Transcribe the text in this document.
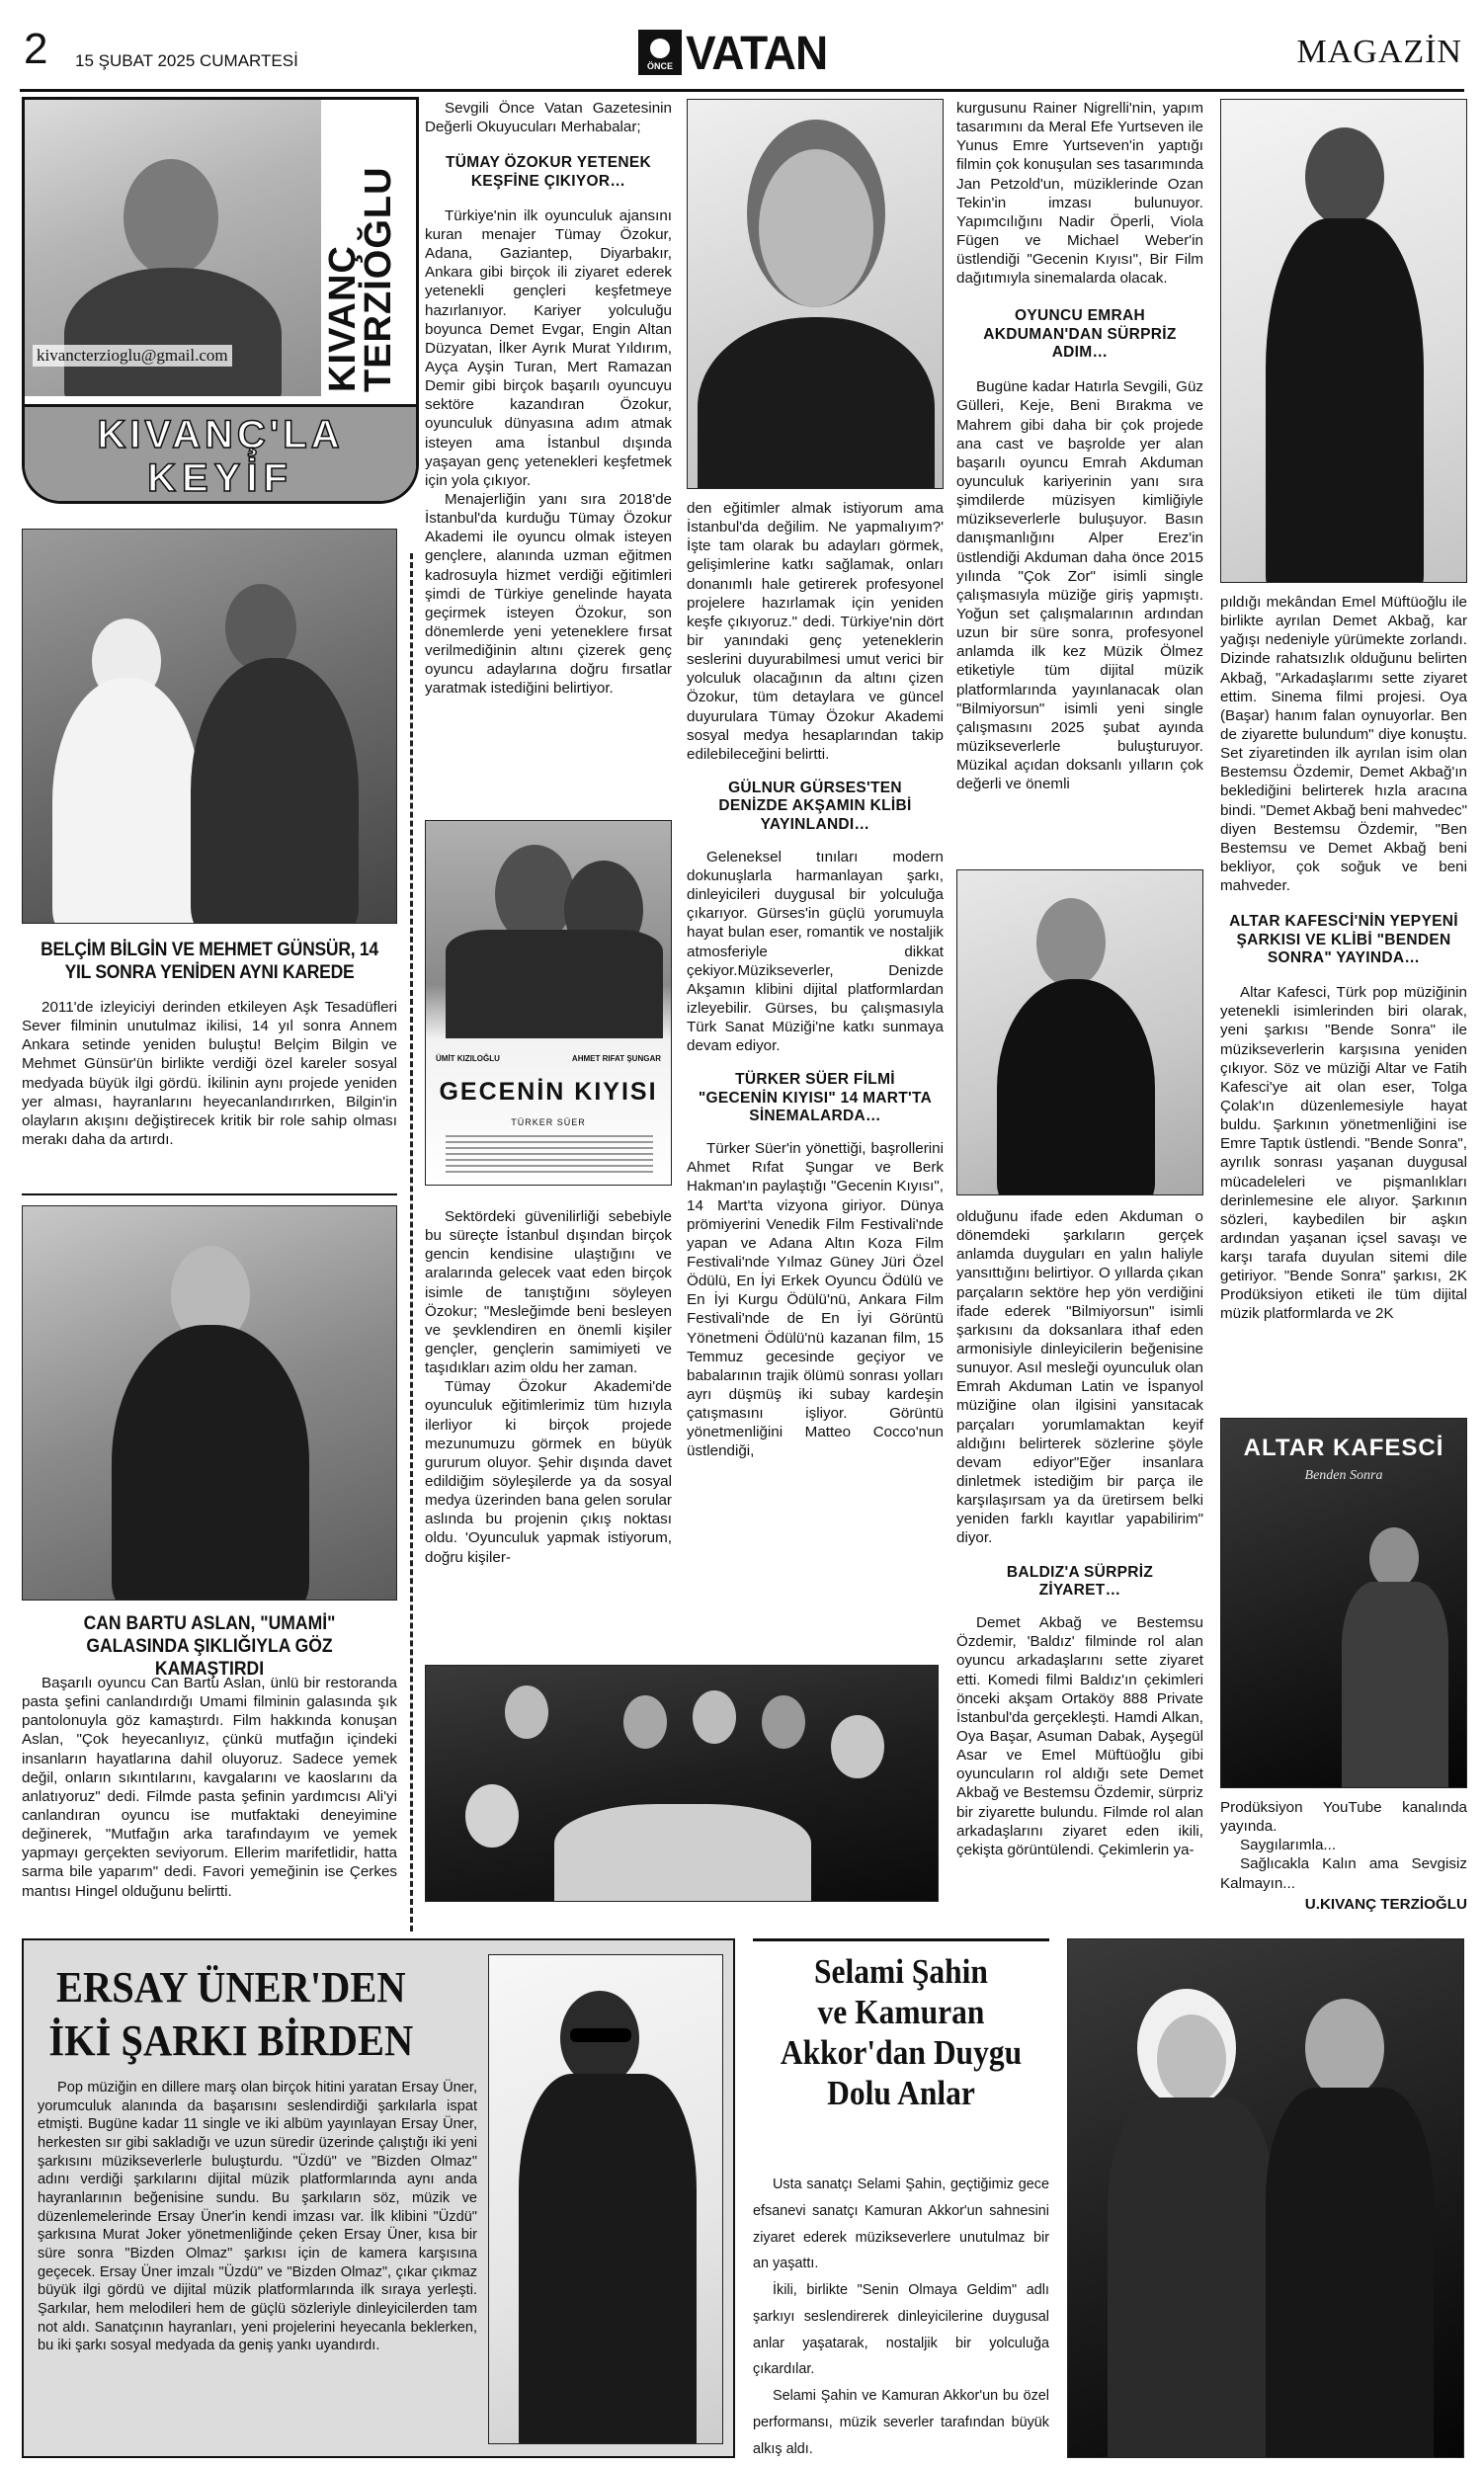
2 15 ŞUBAT 2025 CUMARTESİ	ÖNCE VATAN	MAGAZİN
kivancterzioglu@gmail.com	KIVANÇ TERZİOĞLU
KIVANÇ'LA
KEYİF
BELÇİM BİLGİN VE MEHMET GÜNSÜR, 14 YIL SONRA YENİDEN AYNI KAREDE

2011'de izleyiciyi derinden etkileyen Aşk Tesadüfleri Sever filminin unutulmaz ikilisi, 14 yıl sonra Annem Ankara setinde yeniden buluştu! Belçim Bilgin ve Mehmet Günsür'ün birlikte verdiği özel kareler sosyal medyada büyük ilgi gördü. İkilinin aynı projede yeniden yer alması, hayranlarını heyecanlandırırken, Bilgin'in olayların akışını değiştirecek kritik bir role sahip olması merakı daha da artırdı.

CAN BARTU ASLAN, "UMAMİ" GALASINDA ŞIKLIĞIYLA GÖZ KAMAŞTIRDI

Başarılı oyuncu Can Bartu Aslan, ünlü bir restoranda pasta şefini canlandırdığı Umami filminin galasında şık pantolonuyla göz kamaştırdı. Film hakkında konuşan Aslan, "Çok heyecanlıyız, çünkü mutfağın içindeki insanların hayatlarına dahil oluyoruz. Sadece yemek değil, onların sıkıntılarını, kavgalarını ve kaoslarını da anlatıyoruz" dedi. Filmde pasta şefinin yardımcısı Ali'yi canlandıran oyuncu ise mutfaktaki deneyimine değinerek, "Mutfağın arka tarafındayım ve yemek yapmayı gerçekten seviyorum. Ellerim marifetlidir, hatta sarma bile yaparım" dedi. Favori yemeğinin ise Çerkes mantısı Hingel olduğunu belirtti.

Sevgili Önce Vatan Gazetesinin Değerli Okuyucuları Merhabalar;

TÜMAY ÖZOKUR YETENEK KEŞFİNE ÇIKIYOR…

Türkiye'nin ilk oyunculuk ajansını kuran menajer Tümay Özokur, Adana, Gaziantep, Diyarbakır, Ankara gibi birçok ili ziyaret ederek yetenekli gençleri keşfetmeye hazırlanıyor. Kariyer yolculuğu boyunca Demet Evgar, Engin Altan Düzyatan, İlker Ayrık Murat Yıldırım, Ayça Ayşin Turan, Mert Ramazan Demir gibi birçok başarılı oyuncuyu sektöre kazandıran Özokur, oyunculuk dünyasına adım atmak isteyen ama İstanbul dışında yaşayan genç yetenekleri keşfetmek için yola çıkıyor.

Menajerliğin yanı sıra 2018'de İstanbul'da kurduğu Tümay Özokur Akademi ile oyuncu olmak isteyen gençlere, alanında uzman eğitmen kadrosuyla hizmet verdiği eğitimleri şimdi de Türkiye genelinde hayata geçirmek isteyen Özokur, son dönemlerde yeni yeteneklere fırsat verilmediğinin altını çizerek genç oyuncu adaylarına doğru fırsatlar yaratmak istediğini belirtiyor.

ÜMİT KIZILOĞLU	AHMET RIFAT ŞUNGAR
GECENİN KIYISI
TÜRKER SÜER

Sektördeki güvenilirliği sebebiyle bu süreçte İstanbul dışından birçok gencin kendisine ulaştığını ve aralarında gelecek vaat eden birçok isimle de tanıştığını söyleyen Özokur; "Mesleğimde beni besleyen ve şevklendiren en önemli kişiler gençler, gençlerin samimiyeti ve taşıdıkları azim oldu her zaman.

Tümay Özokur Akademi'de oyunculuk eğitimlerimiz tüm hızıyla ilerliyor ki birçok projede mezunumuzu görmek en büyük gururum oluyor. Şehir dışında davet edildiğim söyleşilerde ya da sosyal medya üzerinden bana gelen sorular aslında bu projenin çıkış noktası oldu. 'Oyunculuk yapmak istiyorum, doğru kişiler-

den eğitimler almak istiyorum ama İstanbul'da değilim. Ne yapmalıyım?' İşte tam olarak bu adayları görmek, gelişimlerine katkı sağlamak, onları donanımlı hale getirerek profesyonel projelere hazırlamak için yeniden keşfe çıkıyoruz." dedi. Türkiye'nin dört bir yanındaki genç yeteneklerin seslerini duyurabilmesi umut verici bir yolculuk olacağının da altını çizen Özokur, tüm detaylara ve güncel duyurulara Tümay Özokur Akademi sosyal medya hesaplarından takip edilebileceğini belirtti.

GÜLNUR GÜRSES'TEN DENİZDE AKŞAMIN KLİBİ YAYINLANDI…

Geleneksel tınıları modern dokunuşlarla harmanlayan şarkı, dinleyicileri duygusal bir yolculuğa çıkarıyor. Gürses'in güçlü yorumuyla hayat bulan eser, romantik ve nostaljik atmosferiyle dikkat çekiyor.Müzikseverler, Denizde Akşamın klibini dijital platformlardan izleyebilir. Gürses, bu çalışmasıyla Türk Sanat Müziği'ne katkı sunmaya devam ediyor.

TÜRKER SÜER FİLMİ "GECENİN KIYISI" 14 MART'TA SİNEMALARDA…

Türker Süer'in yönettiği, başrollerini Ahmet Rıfat Şungar ve Berk Hakman'ın paylaştığı "Gecenin Kıyısı", 14 Mart'ta vizyona giriyor. Dünya prömiyerini Venedik Film Festivali'nde yapan ve Adana Altın Koza Film Festivali'nde Yılmaz Güney Jüri Özel Ödülü, En İyi Erkek Oyuncu Ödülü ve En İyi Kurgu Ödülü'nü, Ankara Film Festivali'nde de En İyi Görüntü Yönetmeni Ödülü'nü kazanan film, 15 Temmuz gecesinde geçiyor ve babalarının trajik ölümü sonrası yolları ayrı düşmüş iki subay kardeşin çatışmasını işliyor. Görüntü yönetmenliğini Matteo Cocco'nun üstlendiği,

kurgusunu Rainer Nigrelli'nin, yapım tasarımını da Meral Efe Yurtseven ile Yunus Emre Yurtseven'in yaptığı filmin çok konuşulan ses tasarımında Jan Petzold'un, müziklerinde Ozan Tekin'in imzası bulunuyor. Yapımcılığını Nadir Öperli, Viola Fügen ve Michael Weber'in üstlendiği "Gecenin Kıyısı", Bir Film dağıtımıyla sinemalarda olacak.

OYUNCU EMRAH AKDUMAN'DAN SÜRPRİZ ADIM…

Bugüne kadar Hatırla Sevgili, Güz Gülleri, Keje, Beni Bırakma ve Mahrem gibi daha bir çok projede ana cast ve başrolde yer alan başarılı oyuncu Emrah Akduman oyunculuk kariyerinin yanı sıra şimdilerde müzisyen kimliğiyle müzikseverlerle buluşuyor. Basın danışmanlığını Alper Erez'in üstlendiği Akduman daha önce 2015 yılında "Çok Zor" isimli single çalışmasıyla müziğe giriş yapmıştı. Yoğun set çalışmalarının ardından uzun bir süre sonra, profesyonel anlamda ilk kez Müzik Ölmez etiketiyle tüm dijital müzik platformlarında yayınlanacak olan "Bilmiyorsun" isimli yeni single çalışmasını 2025 şubat ayında müzikseverlerle buluşturuyor. Müzikal açıdan doksanlı yılların çok değerli ve önemli

olduğunu ifade eden Akduman o dönemdeki şarkıların gerçek anlamda duyguları en yalın haliyle yansıttığını belirtiyor. O yıllarda çıkan parçaların sektöre hep yön verdiğini ifade ederek "Bilmiyorsun" isimli şarkısını da doksanlara ithaf eden armonisiyle dinleyicilerin beğenisine sunuyor. Asıl mesleği oyunculuk olan Emrah Akduman Latin ve İspanyol müziğine olan ilgisini yansıtacak parçaları yorumlamaktan keyif aldığını belirterek sözlerine şöyle devam ediyor"Eğer insanlara dinletmek istediğim bir parça ile karşılaşırsam ya da üretirsem belki yeniden farklı kayıtlar yapabilirim" diyor.

BALDIZ'A SÜRPRİZ ZİYARET…

Demet Akbağ ve Bestemsu Özdemir, 'Baldız' filminde rol alan oyuncu arkadaşlarını sette ziyaret etti. Komedi filmi Baldız'ın çekimleri önceki akşam Ortaköy 888 Private İstanbul'da gerçekleşti. Hamdi Alkan, Oya Başar, Asuman Dabak, Ayşegül Asar ve Emel Müftüoğlu gibi oyuncuların rol aldığı sete Demet Akbağ ve Bestemsu Özdemir, sürpriz bir ziyarette bulundu. Filmde rol alan arkadaşlarını ziyaret eden ikili, çekişta görüntülendi. Çekimlerin ya-

pıldığı mekândan Emel Müftüoğlu ile birlikte ayrılan Demet Akbağ, kar yağışı nedeniyle yürümekte zorlandı. Dizinde rahatsızlık olduğunu belirten Akbağ, "Arkadaşlarımı sette ziyaret ettim. Sinema filmi projesi. Oya (Başar) hanım falan oynuyorlar. Ben de ziyarette bulundum" diye konuştu. Set ziyaretinden ilk ayrılan isim olan Bestemsu Özdemir, Demet Akbağ'ın beklediğini belirterek hızla aracına bindi. "Demet Akbağ beni mahvedec" diyen Bestemsu Özdemir, "Ben Bestemsu ve Demet Akbağ beni bekliyor, çok soğuk ve beni mahveder.

ALTAR KAFESCİ'NİN YEPYENİ ŞARKISI VE KLİBİ "BENDEN SONRA" YAYINDA…

Altar Kafesci, Türk pop müziğinin yetenekli isimlerinden biri olarak, yeni şarkısı "Bende Sonra" ile müzikseverlerin karşısına yeniden çıkıyor. Söz ve müziği Altar ve Fatih Kafesci'ye ait olan eser, Tolga Çolak'ın düzenlemesiyle hayat buldu. Şarkının yönetmenliğini ise Emre Taptık üstlendi. "Bende Sonra", ayrılık sonrası yaşanan duygusal mücadeleleri ve pişmanlıkları derinlemesine ele alıyor. Şarkının sözleri, kaybedilen bir aşkın ardından yaşanan içsel savaşı ve karşı tarafa duyulan sitemi dile getiriyor. "Bende Sonra" şarkısı, 2K Prodüksiyon etiketi ile tüm dijital müzik platformlarda ve 2K

ALTAR KAFESCİ
Benden Sonra

Prodüksiyon YouTube kanalında yayında.

Saygılarımla...

Sağlıcakla Kalın ama Sevgisiz Kalmayın...

U.KIVANÇ TERZİOĞLU
ERSAY ÜNER'DEN
İKİ ŞARKI BİRDEN

Pop müziğin en dillere marş olan birçok hitini yaratan Ersay Üner, yorumculuk alanında da başarısını seslendirdiği şarkılarla ispat etmişti. Bugüne kadar 11 single ve iki albüm yayınlayan Ersay Üner, herkesten sır gibi sakladığı ve uzun süredir üzerinde çalıştığı iki yeni şarkısını müzikseverlerle buluşturdu. "Üzdü" ve "Bizden Olmaz" adını verdiği şarkılarını dijital müzik platformlarında aynı anda hayranlarının beğenisine sundu. Bu şarkıların söz, müzik ve düzenlemelerinde Ersay Üner'in kendi imzası var. İlk klibini "Üzdü" şarkısına Murat Joker yönetmenliğinde çeken Ersay Üner, kısa bir süre sonra "Bizden Olmaz" şarkısı için de kamera karşısına geçecek. Ersay Üner imzalı "Üzdü" ve "Bizden Olmaz", çıkar çıkmaz büyük ilgi gördü ve dijital müzik platformlarında ilk sıraya yerleşti. Şarkılar, hem melodileri hem de güçlü sözleriyle dinleyicilerden tam not aldı. Sanatçının hayranları, yeni projelerini heyecanla beklerken, bu iki şarkı sosyal medyada da geniş yankı uyandırdı.

Selami Şahin
ve Kamuran
Akkor'dan Duygu
Dolu Anlar

Usta sanatçı Selami Şahin, geçtiğimiz gece efsanevi sanatçı Kamuran Akkor'un sahnesini ziyaret ederek müzikseverlere unutulmaz bir an yaşattı.

İkili, birlikte "Senin Olmaya Geldim" adlı şarkıyı seslendirerek dinleyicilerine duygusal anlar yaşatarak, nostaljik bir yolculuğa çıkardılar.

Selami Şahin ve Kamuran Akkor'un bu özel performansı, müzik severler tarafından büyük alkış aldı.
